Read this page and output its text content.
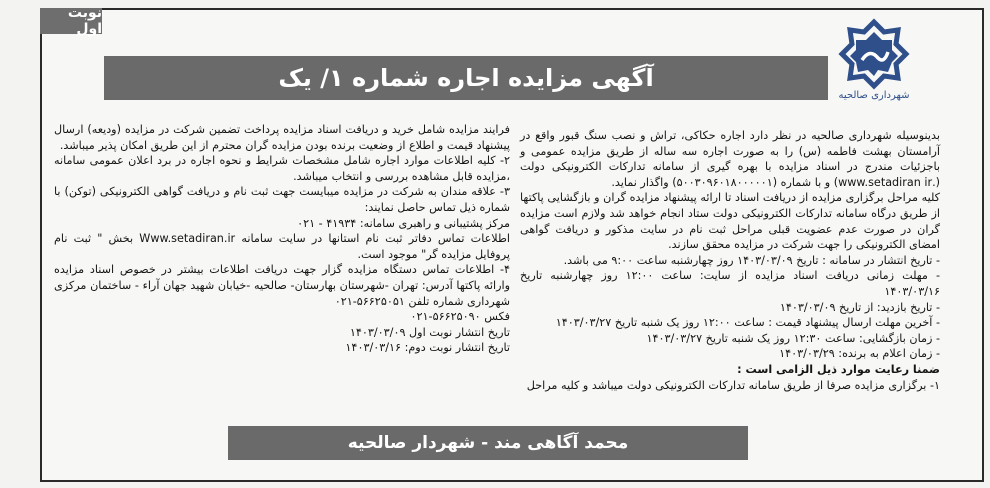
نوبت اول
شهرداری صالحیه
آگهی مزایده اجاره شماره ۱/ یک

بدینوسیله شهرداری صالحیه در نظر دارد اجاره حکاکی، تراش و نصب سنگ قبور واقع در آرامستان بهشت فاطمه (س) را به صورت اجاره سه ساله از طریق مزایده عمومی و باجزئیات مندرج در اسناد مزایده با بهره گیری از سامانه تدارکات الکترونیکی دولت (.www.setadiran ir) و با شماره (۵۰۰۳۰۹۶۰۱۸۰۰۰۰۰۱) واگذار نماید.

کلیه مراحل برگزاری مزایده از دریافت اسناد تا ارائه پیشنهاد مزایده گران و بازگشایی پاکتها از طریق درگاه سامانه تدارکات الکترونیکی دولت ستاد انجام خواهد شد ولازم است مزایده گران در صورت عدم عضویت قبلی مراحل ثبت نام در سایت مذکور و دریافت گواهی امضای الکترونیکی را جهت شرکت در مزایده محقق سازند.

- تاریخ انتشار در سامانه : تاریخ ۱۴۰۳/۰۳/۰۹ روز چهارشنبه ساعت ۹:۰۰ می باشد.

- مهلت زمانی دریافت اسناد مزایده از سایت: ساعت ۱۲:۰۰ روز چهارشنبه تاریخ ۱۴۰۳/۰۳/۱۶

- تاریخ بازدید: از تاریخ ۱۴۰۳/۰۳/۰۹

- آخرین مهلت ارسال پیشنهاد قیمت : ساعت ۱۲:۰۰ روز یک شنبه تاریخ ۱۴۰۳/۰۳/۲۷

- زمان بازگشایی: ساعت ۱۲:۳۰ روز یک شنبه تاریخ ۱۴۰۳/۰۳/۲۷

- زمان اعلام به برنده: ۱۴۰۳/۰۳/۲۹

ضمنا رعایت موارد ذیل الزامی است :

۱- برگزاری مزایده صرفا از طریق سامانه تدارکات الکترونیکی دولت میباشد و کلیه مراحل

فرایند مزایده شامل خرید و دریافت اسناد مزایده پرداخت تضمین شرکت در مزایده (ودیعه) ارسال پیشنهاد قیمت و اطلاع از وضعیت برنده بودن مزایده گران محترم از این طریق امکان پذیر میباشد.

۲- کلیه اطلاعات موارد اجاره شامل مشخصات شرایط و نحوه اجاره در برد اعلان عمومی سامانه ،مزایده قابل مشاهده بررسی و انتخاب میباشد.

۳- علاقه مندان به شرکت در مزایده میبایست جهت ثبت نام و دریافت گواهی الکترونیکی (توکن) با شماره ذیل تماس حاصل نمایند:

مرکز پشتیبانی و راهبری سامانه: ۴۱۹۳۴ - ۰۲۱

اطلاعات تماس دفاتر ثبت نام استانها در سایت سامانه Www.setadiran.ir بخش " ثبت نام پروفایل مزایده گر" موجود است.

۴- اطلاعات تماس دستگاه مزایده گزار جهت دریافت اطلاعات بیشتر در خصوص اسناد مزایده وارائه پاکتها آدرس: تهران -شهرستان بهارستان- صالحیه -خیابان شهید جهان آراء - ساختمان مرکزی شهرداری شماره تلفن ۵۶۶۲۵۰۵۱-۰۲۱

فکس ۵۶۶۲۵۰۹۰-۰۲۱

تاریخ انتشار نوبت اول ۱۴۰۳/۰۳/۰۹

تاریخ انتشار نوبت دوم: ۱۴۰۳/۰۳/۱۶

محمد آگاهی مند - شهردار صالحیه
